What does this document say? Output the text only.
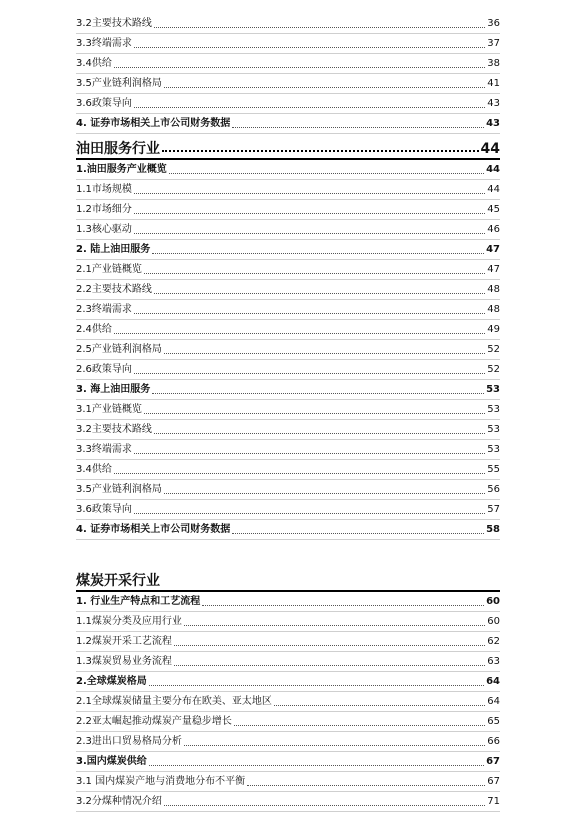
3.2主要技术路线	36
3.3终端需求	37
3.4供给	38
3.5产业链利润格局	41
3.6政策导向	43
4. 证券市场相关上市公司财务数据	43
油田服务行业	44
1.油田服务产业概览	44
1.1市场规模	44
1.2市场细分	45
1.3核心驱动	46
2. 陆上油田服务	47
2.1产业链概览	47
2.2主要技术路线	48
2.3终端需求	48
2.4供给	49
2.5产业链利润格局	52
2.6政策导向	52
3. 海上油田服务	53
3.1产业链概览	53
3.2主要技术路线	53
3.3终端需求	53
3.4供给	55
3.5产业链利润格局	56
3.6政策导向	57
4. 证券市场相关上市公司财务数据	58
煤炭开采行业
1. 行业生产特点和工艺流程	60
1.1煤炭分类及应用行业	60
1.2煤炭开采工艺流程	62
1.3煤炭贸易业务流程	63
2.全球煤炭格局	64
2.1全球煤炭储量主要分布在欧美、亚太地区	64
2.2亚太崛起推动煤炭产量稳步增长	65
2.3进出口贸易格局分析	66
3.国内煤炭供给	67
3.1 国内煤炭产地与消费地分布不平衡	67
3.2分煤种情况介绍	71
